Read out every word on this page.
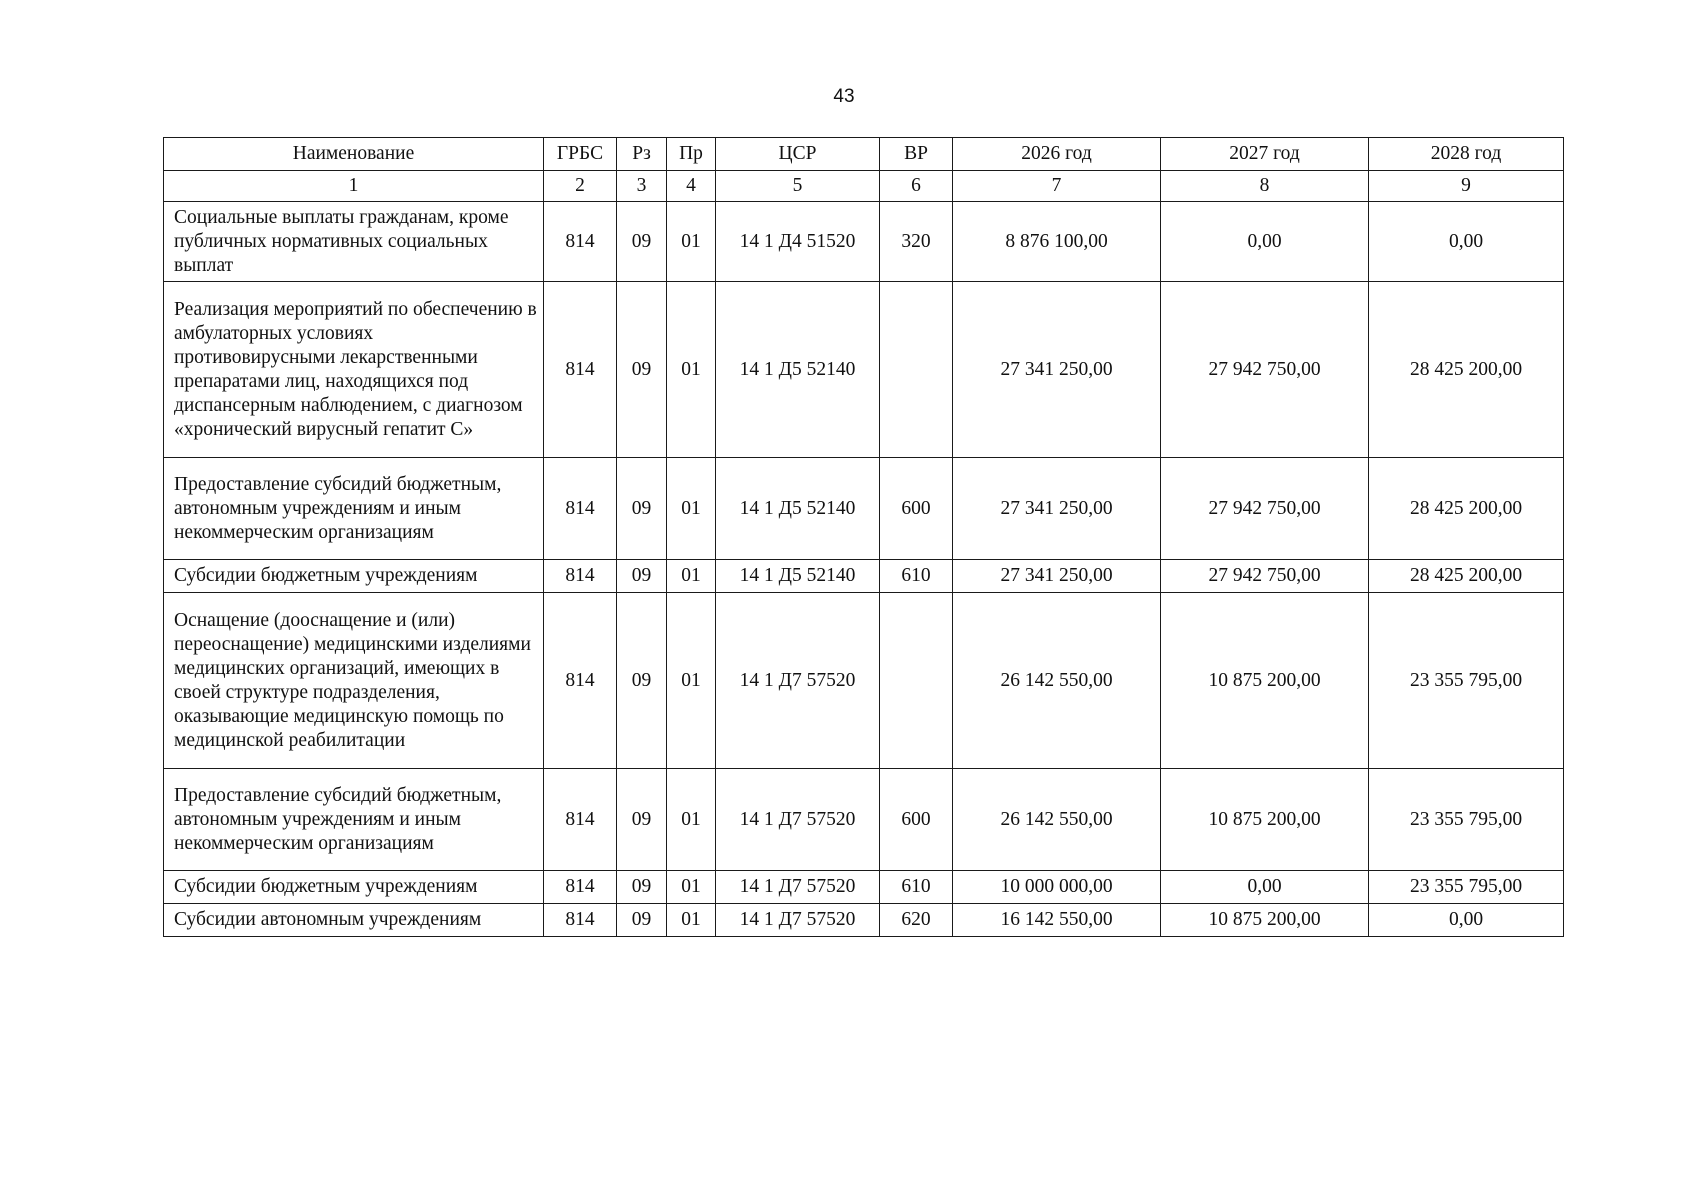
43
Наименование	ГРБС	Рз	Пр	ЦСР	ВР	2026 год	2027 год	2028 год
1	2	3	4	5	6	7	8	9
Социальные выплаты гражданам, кроме публичных нормативных социальных выплат	814	09	01	14 1 Д4 51520	320	8 876 100,00	0,00	0,00
Реализация мероприятий по обеспечению в амбулаторных условиях противовирусными лекарственными препаратами лиц, находящихся под диспансерным наблюдением, с диагнозом «хронический вирусный гепатит С»	814	09	01	14 1 Д5 52140		27 341 250,00	27 942 750,00	28 425 200,00
Предоставление субсидий бюджетным, автономным учреждениям и иным некоммерческим организациям	814	09	01	14 1 Д5 52140	600	27 341 250,00	27 942 750,00	28 425 200,00
Субсидии бюджетным учреждениям	814	09	01	14 1 Д5 52140	610	27 341 250,00	27 942 750,00	28 425 200,00
Оснащение (дооснащение и (или) переоснащение) медицинскими изделиями медицинских организаций, имеющих в своей структуре подразделения, оказывающие медицинскую помощь по медицинской реабилитации	814	09	01	14 1 Д7 57520		26 142 550,00	10 875 200,00	23 355 795,00
Предоставление субсидий бюджетным, автономным учреждениям и иным некоммерческим организациям	814	09	01	14 1 Д7 57520	600	26 142 550,00	10 875 200,00	23 355 795,00
Субсидии бюджетным учреждениям	814	09	01	14 1 Д7 57520	610	10 000 000,00	0,00	23 355 795,00
Субсидии автономным учреждениям	814	09	01	14 1 Д7 57520	620	16 142 550,00	10 875 200,00	0,00
